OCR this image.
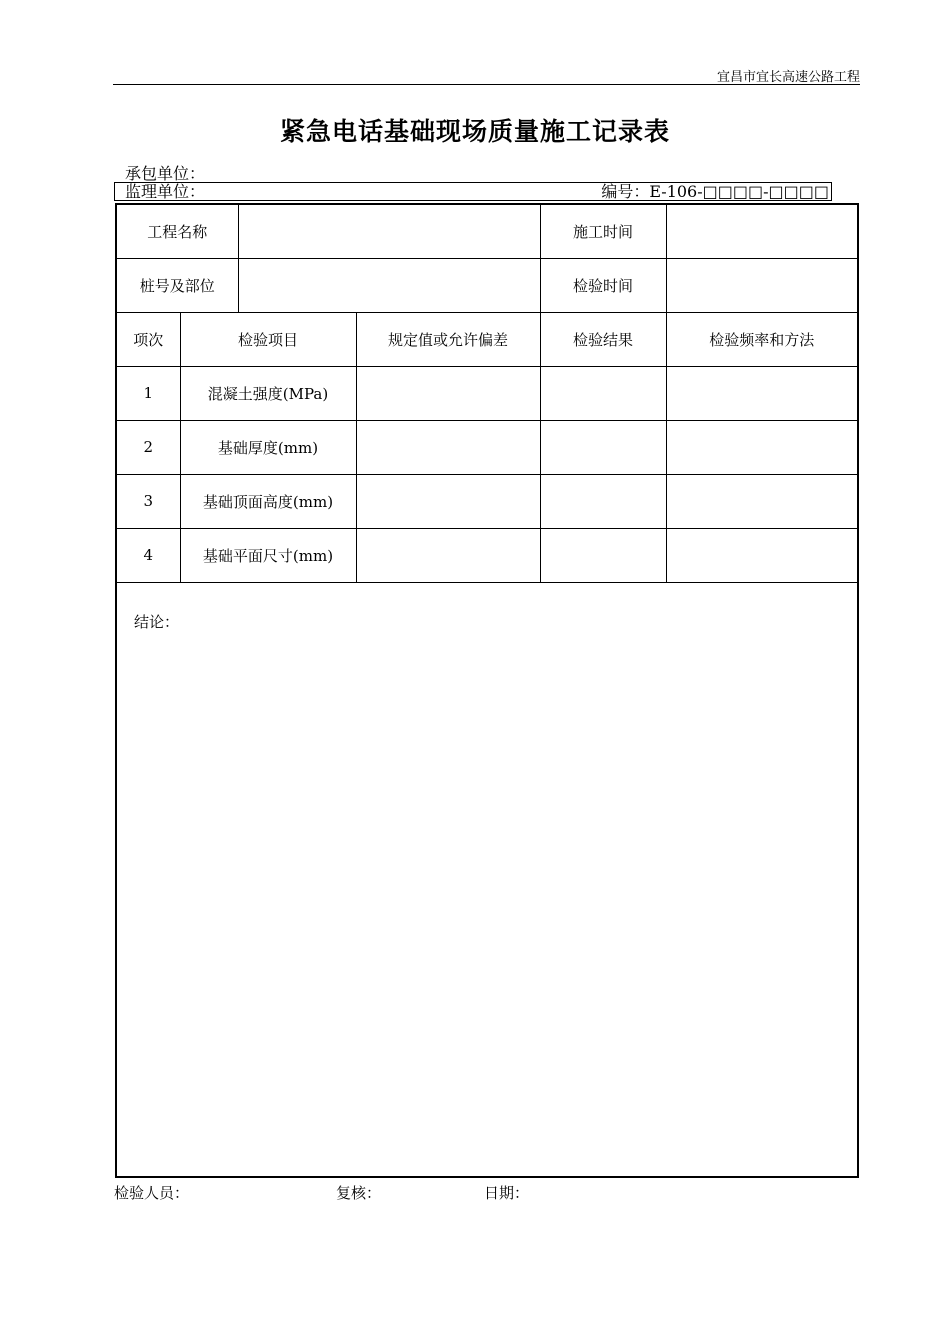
宜昌市宜长高速公路工程
紧急电话基础现场质量施工记录表
承包单位：
监理单位：	编号：E-106-□□□□-□□□□
工程名称				施工时间	
桩号及部位				检验时间	
项次	检验项目		规定值或允许偏差	检验结果	检验频率和方法
1	混凝土强度(MPa)				
2	基础厚度(mm)				
3	基础顶面高度(mm)				
4	基础平面尺寸(mm)				
结论：					
检验人员：	复核：	日期：
